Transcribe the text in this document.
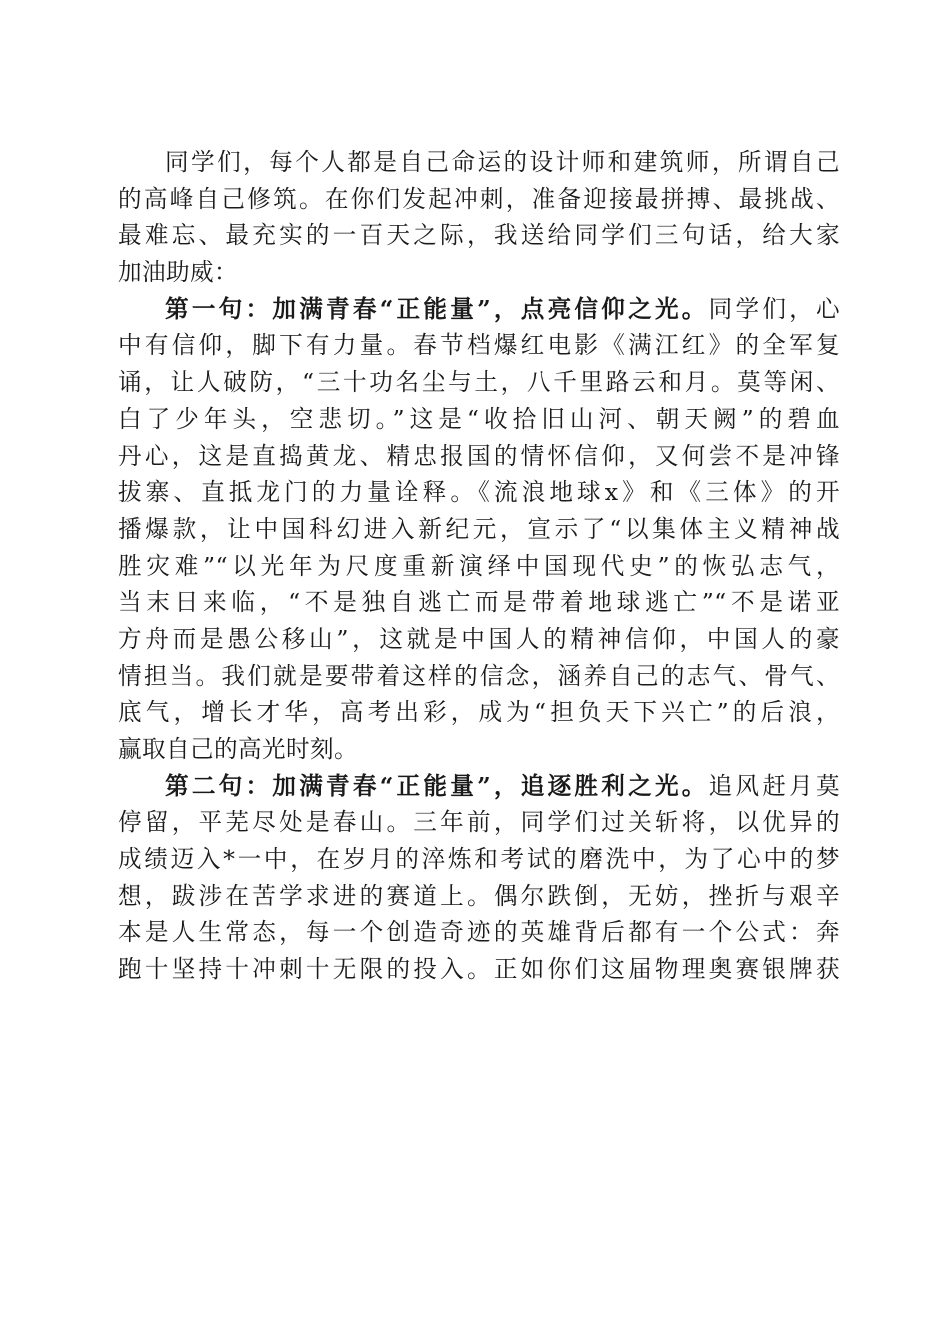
同学们，每个人都是自己命运的设计师和建筑师，所谓自己
的高峰自己修筑。在你们发起冲刺，准备迎接最拼搏、最挑战、
最难忘、最充实的一百天之际，我送给同学们三句话，给大家
加油助威：
第一句：加满青春“正能量”，点亮信仰之光。同学们，心
中有信仰，脚下有力量。春节档爆红电影《满江红》的全军复
诵，让人破防，“三十功名尘与土，八千里路云和月。莫等闲、
白了少年头，空悲切。”这是“收拾旧山河、朝天阙”的碧血
丹心，这是直捣黄龙、精忠报国的情怀信仰，又何尝不是冲锋
拔寨、直抵龙门的力量诠释。《流浪地球x》和《三体》的开
播爆款，让中国科幻进入新纪元，宣示了“以集体主义精神战
胜灾难”“以光年为尺度重新演绎中国现代史”的恢弘志气，
当末日来临，“不是独自逃亡而是带着地球逃亡”“不是诺亚
方舟而是愚公移山”，这就是中国人的精神信仰，中国人的豪
情担当。我们就是要带着这样的信念，涵养自己的志气、骨气、
底气，增长才华，高考出彩，成为“担负天下兴亡”的后浪，
赢取自己的高光时刻。
第二句：加满青春“正能量”，追逐胜利之光。追风赶月莫
停留，平芜尽处是春山。三年前，同学们过关斩将，以优异的
成绩迈入*一中，在岁月的淬炼和考试的磨洗中，为了心中的梦
想，跋涉在苦学求进的赛道上。偶尔跌倒，无妨，挫折与艰辛
本是人生常态，每一个创造奇迹的英雄背后都有一个公式：奔
跑十坚持十冲刺十无限的投入。正如你们这届物理奥赛银牌获
